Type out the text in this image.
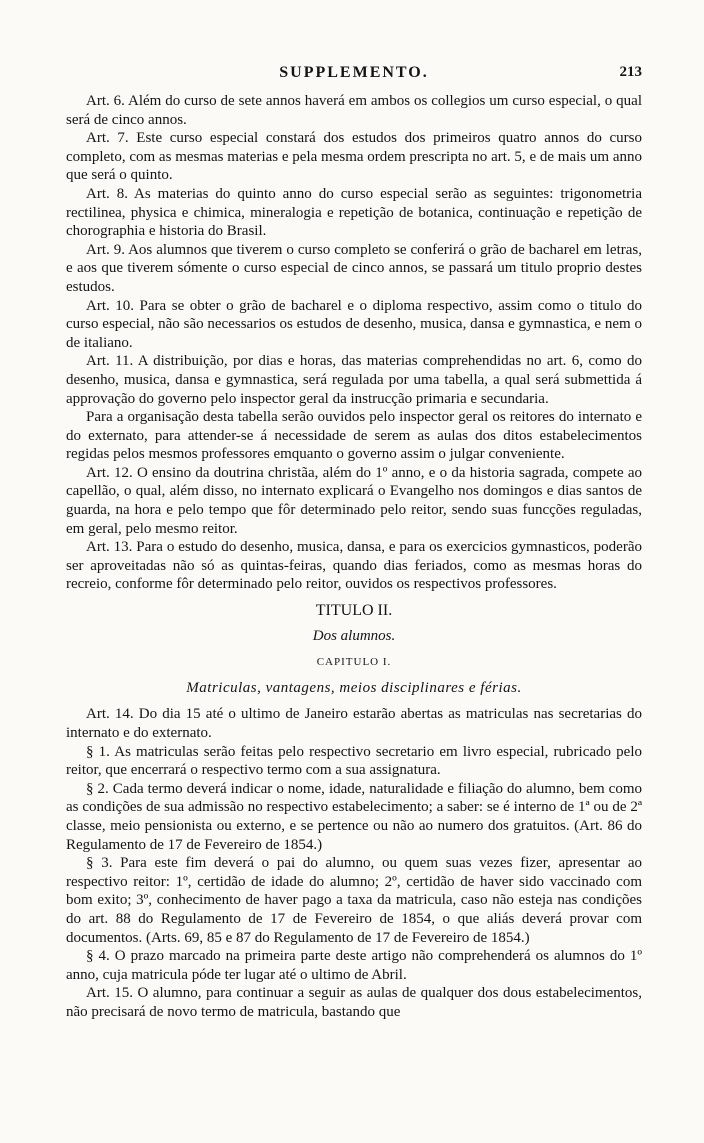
SUPPLEMENTO.	213

Art. 6. Além do curso de sete annos haverá em ambos os collegios um curso especial, o qual será de cinco annos.

Art. 7. Este curso especial constará dos estudos dos primeiros quatro annos do curso completo, com as mesmas materias e pela mesma ordem prescripta no art. 5, e de mais um anno que será o quinto.

Art. 8. As materias do quinto anno do curso especial serão as seguintes: trigonometria rectilinea, physica e chimica, mineralogia e repetição de botanica, continuação e repetição de chorographia e historia do Brasil.

Art. 9. Aos alumnos que tiverem o curso completo se conferirá o grão de bacharel em letras, e aos que tiverem sómente o curso especial de cinco annos, se passará um titulo proprio destes estudos.

Art. 10. Para se obter o grão de bacharel e o diploma respectivo, assim como o titulo do curso especial, não são necessarios os estudos de desenho, musica, dansa e gymnastica, e nem o de italiano.

Art. 11. A distribuição, por dias e horas, das materias comprehendidas no art. 6, como do desenho, musica, dansa e gymnastica, será regulada por uma tabella, a qual será submettida á approvação do governo pelo inspector geral da instrucção primaria e secundaria.

Para a organisação desta tabella serão ouvidos pelo inspector geral os reitores do internato e do externato, para attender-se á necessidade de serem as aulas dos ditos estabelecimentos regidas pelos mesmos professores emquanto o governo assim o julgar conveniente.

Art. 12. O ensino da doutrina christãa, além do 1º anno, e o da historia sagrada, compete ao capellão, o qual, além disso, no internato explicará o Evangelho nos domingos e dias santos de guarda, na hora e pelo tempo que fôr determinado pelo reitor, sendo suas funcções reguladas, em geral, pelo mesmo reitor.

Art. 13. Para o estudo do desenho, musica, dansa, e para os exercicios gymnasticos, poderão ser aproveitadas não só as quintas-feiras, quando dias feriados, como as mesmas horas do recreio, conforme fôr determinado pelo reitor, ouvidos os respectivos professores.

TITULO II.
Dos alumnos.
CAPITULO I.
Matriculas, vantagens, meios disciplinares e férias.

Art. 14. Do dia 15 até o ultimo de Janeiro estarão abertas as matriculas nas secretarias do internato e do externato.

§ 1. As matriculas serão feitas pelo respectivo secretario em livro especial, rubricado pelo reitor, que encerrará o respectivo termo com a sua assignatura.

§ 2. Cada termo deverá indicar o nome, idade, naturalidade e filiação do alumno, bem como as condições de sua admissão no respectivo estabelecimento; a saber: se é interno de 1ª ou de 2ª classe, meio pensionista ou externo, e se pertence ou não ao numero dos gratuitos. (Art. 86 do Regulamento de 17 de Fevereiro de 1854.)

§ 3. Para este fim deverá o pai do alumno, ou quem suas vezes fizer, apresentar ao respectivo reitor: 1º, certidão de idade do alumno; 2º, certidão de haver sido vaccinado com bom exito; 3º, conhecimento de haver pago a taxa da matricula, caso não esteja nas condições do art. 88 do Regulamento de 17 de Fevereiro de 1854, o que aliás deverá provar com documentos. (Arts. 69, 85 e 87 do Regulamento de 17 de Fevereiro de 1854.)

§ 4. O prazo marcado na primeira parte deste artigo não comprehenderá os alumnos do 1º anno, cuja matricula póde ter lugar até o ultimo de Abril.

Art. 15. O alumno, para continuar a seguir as aulas de qualquer dos dous estabelecimentos, não precisará de novo termo de matricula, bastando que
